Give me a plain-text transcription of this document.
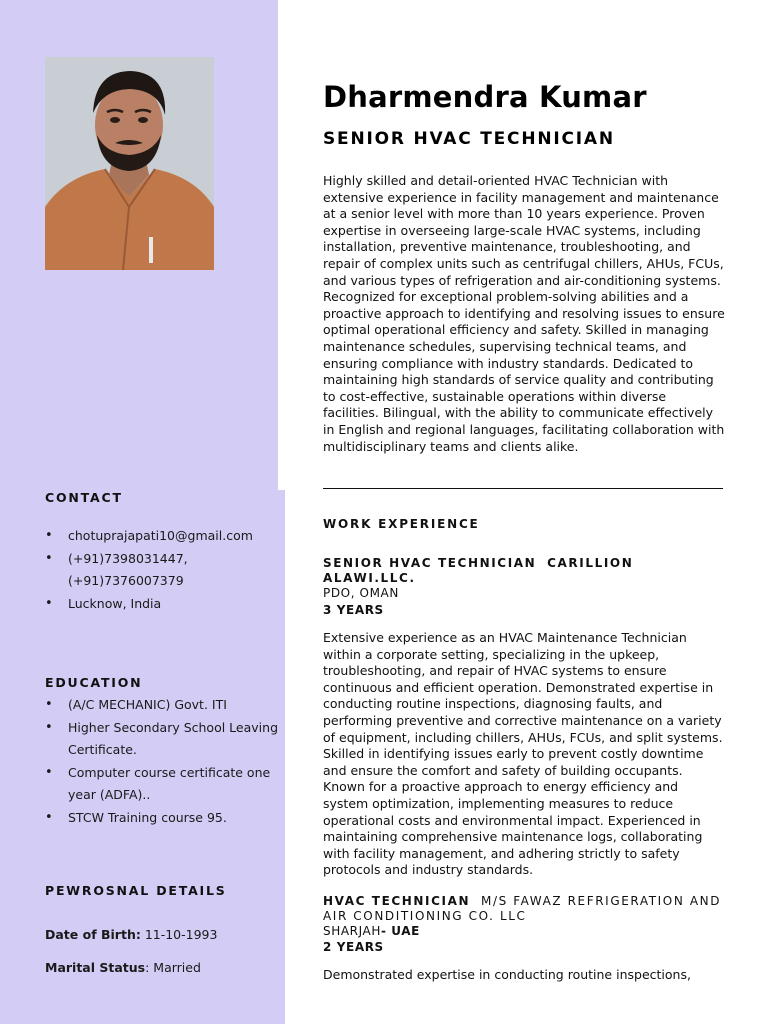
Dharmendra Kumar
SENIOR HVAC TECHNICIAN

Highly skilled and detail-oriented HVAC Technician with extensive experience in facility management and maintenance at a senior level with more than 10 years experience. Proven expertise in overseeing large-scale HVAC systems, including installation, preventive maintenance, troubleshooting, and repair of complex units such as centrifugal chillers, AHUs, FCUs, and various types of refrigeration and air-conditioning systems. Recognized for exceptional problem-solving abilities and a proactive approach to identifying and resolving issues to ensure optimal operational efficiency and safety. Skilled in managing maintenance schedules, supervising technical teams, and ensuring compliance with industry standards. Dedicated to maintaining high standards of service quality and contributing to cost-effective, sustainable operations within diverse facilities. Bilingual, with the ability to communicate effectively in English and regional languages, facilitating collaboration with multidisciplinary teams and clients alike.

CONTACT
• chotuprajapati10@gmail.com
• (+91)7398031447, (+91)7376007379
• Lucknow, India
EDUCATION
• (A/C MECHANIC) Govt. ITI
• Higher Secondary School Leaving Certificate.
• Computer course certificate one year (ADFA)..
• STCW Training course 95.
PEWROSNAL DETAILS
Date of Birth: 11-10-1993
Marital Status: Married
WORK EXPERIENCE
SENIOR HVAC TECHNICIAN CARILLION ALAWI.LLC.
PDO, OMAN
3 YEARS

Extensive experience as an HVAC Maintenance Technician within a corporate setting, specializing in the upkeep, troubleshooting, and repair of HVAC systems to ensure continuous and efficient operation. Demonstrated expertise in conducting routine inspections, diagnosing faults, and performing preventive and corrective maintenance on a variety of equipment, including chillers, AHUs, FCUs, and split systems. Skilled in identifying issues early to prevent costly downtime and ensure the comfort and safety of building occupants. Known for a proactive approach to energy efficiency and system optimization, implementing measures to reduce operational costs and environmental impact. Experienced in maintaining comprehensive maintenance logs, collaborating with facility management, and adhering strictly to safety protocols and industry standards.

HVAC TECHNICIAN M/S FAWAZ REFRIGERATION AND AIR CONDITIONING CO. LLC
SHARJAH- UAE
2 YEARS

Demonstrated expertise in conducting routine inspections,
